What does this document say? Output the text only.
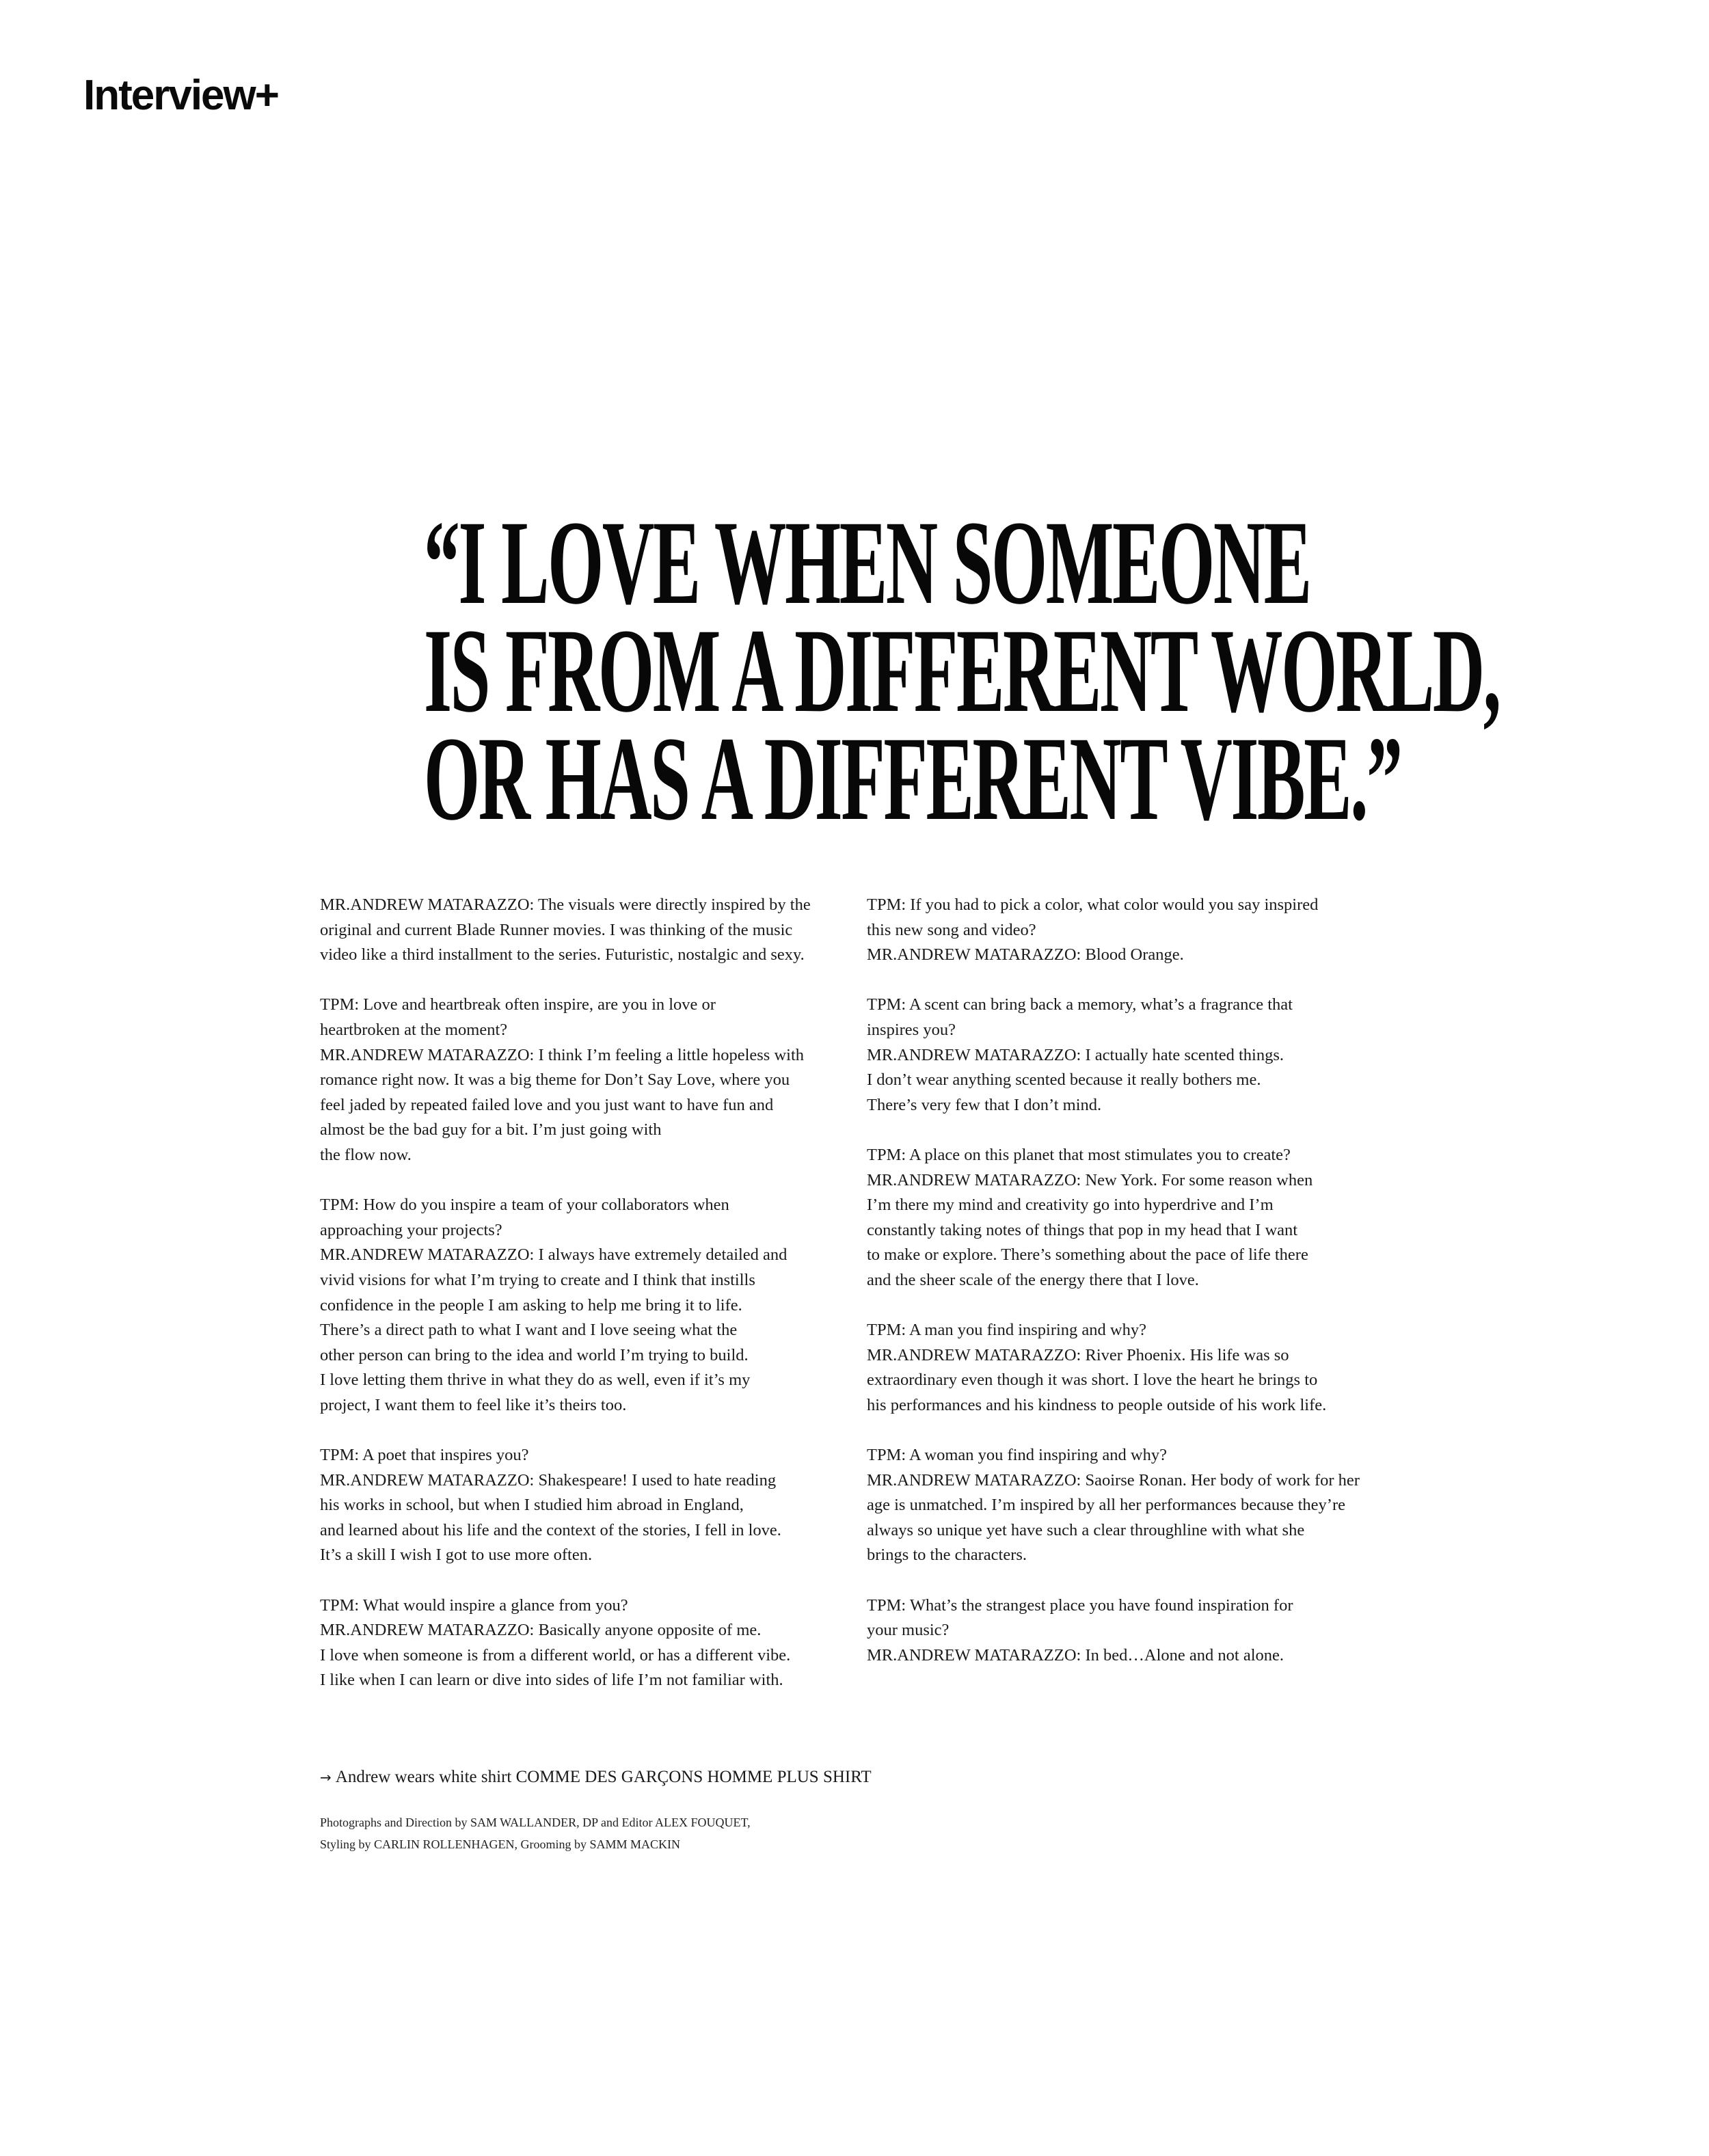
Interview+
“I LOVE WHEN SOMEONE
IS FROM A DIFFERENT WORLD,
OR HAS A DIFFERENT VIBE.”

MR.ANDREW MATARAZZO: The visuals were directly inspired by the
original and current Blade Runner movies. I was thinking of the music
video like a third installment to the series. Futuristic, nostalgic and sexy.

TPM: Love and heartbreak often inspire, are you in love or
heartbroken at the moment?
MR.ANDREW MATARAZZO: I think I’m feeling a little hopeless with
romance right now. It was a big theme for Don’t Say Love, where you
feel jaded by repeated failed love and you just want to have fun and
almost be the bad guy for a bit. I’m just going with
the flow now.

TPM: How do you inspire a team of your collaborators when
approaching your projects?
MR.ANDREW MATARAZZO: I always have extremely detailed and
vivid visions for what I’m trying to create and I think that instills
confidence in the people I am asking to help me bring it to life.
There’s a direct path to what I want and I love seeing what the
other person can bring to the idea and world I’m trying to build.
I love letting them thrive in what they do as well, even if it’s my
project, I want them to feel like it’s theirs too.

TPM: A poet that inspires you?
MR.ANDREW MATARAZZO: Shakespeare! I used to hate reading
his works in school, but when I studied him abroad in England,
and learned about his life and the context of the stories, I fell in love.
It’s a skill I wish I got to use more often.

TPM: What would inspire a glance from you?
MR.ANDREW MATARAZZO: Basically anyone opposite of me.
I love when someone is from a different world, or has a different vibe.
I like when I can learn or dive into sides of life I’m not familiar with.

TPM: If you had to pick a color, what color would you say inspired
this new song and video?
MR.ANDREW MATARAZZO: Blood Orange.

TPM: A scent can bring back a memory, what’s a fragrance that
inspires you?
MR.ANDREW MATARAZZO: I actually hate scented things.
I don’t wear anything scented because it really bothers me.
There’s very few that I don’t mind.

TPM: A place on this planet that most stimulates you to create?
MR.ANDREW MATARAZZO: New York. For some reason when
I’m there my mind and creativity go into hyperdrive and I’m
constantly taking notes of things that pop in my head that I want
to make or explore. There’s something about the pace of life there
and the sheer scale of the energy there that I love.

TPM: A man you find inspiring and why?
MR.ANDREW MATARAZZO: River Phoenix. His life was so
extraordinary even though it was short. I love the heart he brings to
his performances and his kindness to people outside of his work life.

TPM: A woman you find inspiring and why?
MR.ANDREW MATARAZZO: Saoirse Ronan. Her body of work for her
age is unmatched. I’m inspired by all her performances because they’re
always so unique yet have such a clear throughline with what she
brings to the characters.

TPM: What’s the strangest place you have found inspiration for
your music?
MR.ANDREW MATARAZZO: In bed…Alone and not alone.

→ Andrew wears white shirt COMME DES GARÇONS HOMME PLUS SHIRT
Photographs and Direction by SAM WALLANDER, DP and Editor ALEX FOUQUET,
Styling by CARLIN ROLLENHAGEN, Grooming by SAMM MACKIN
